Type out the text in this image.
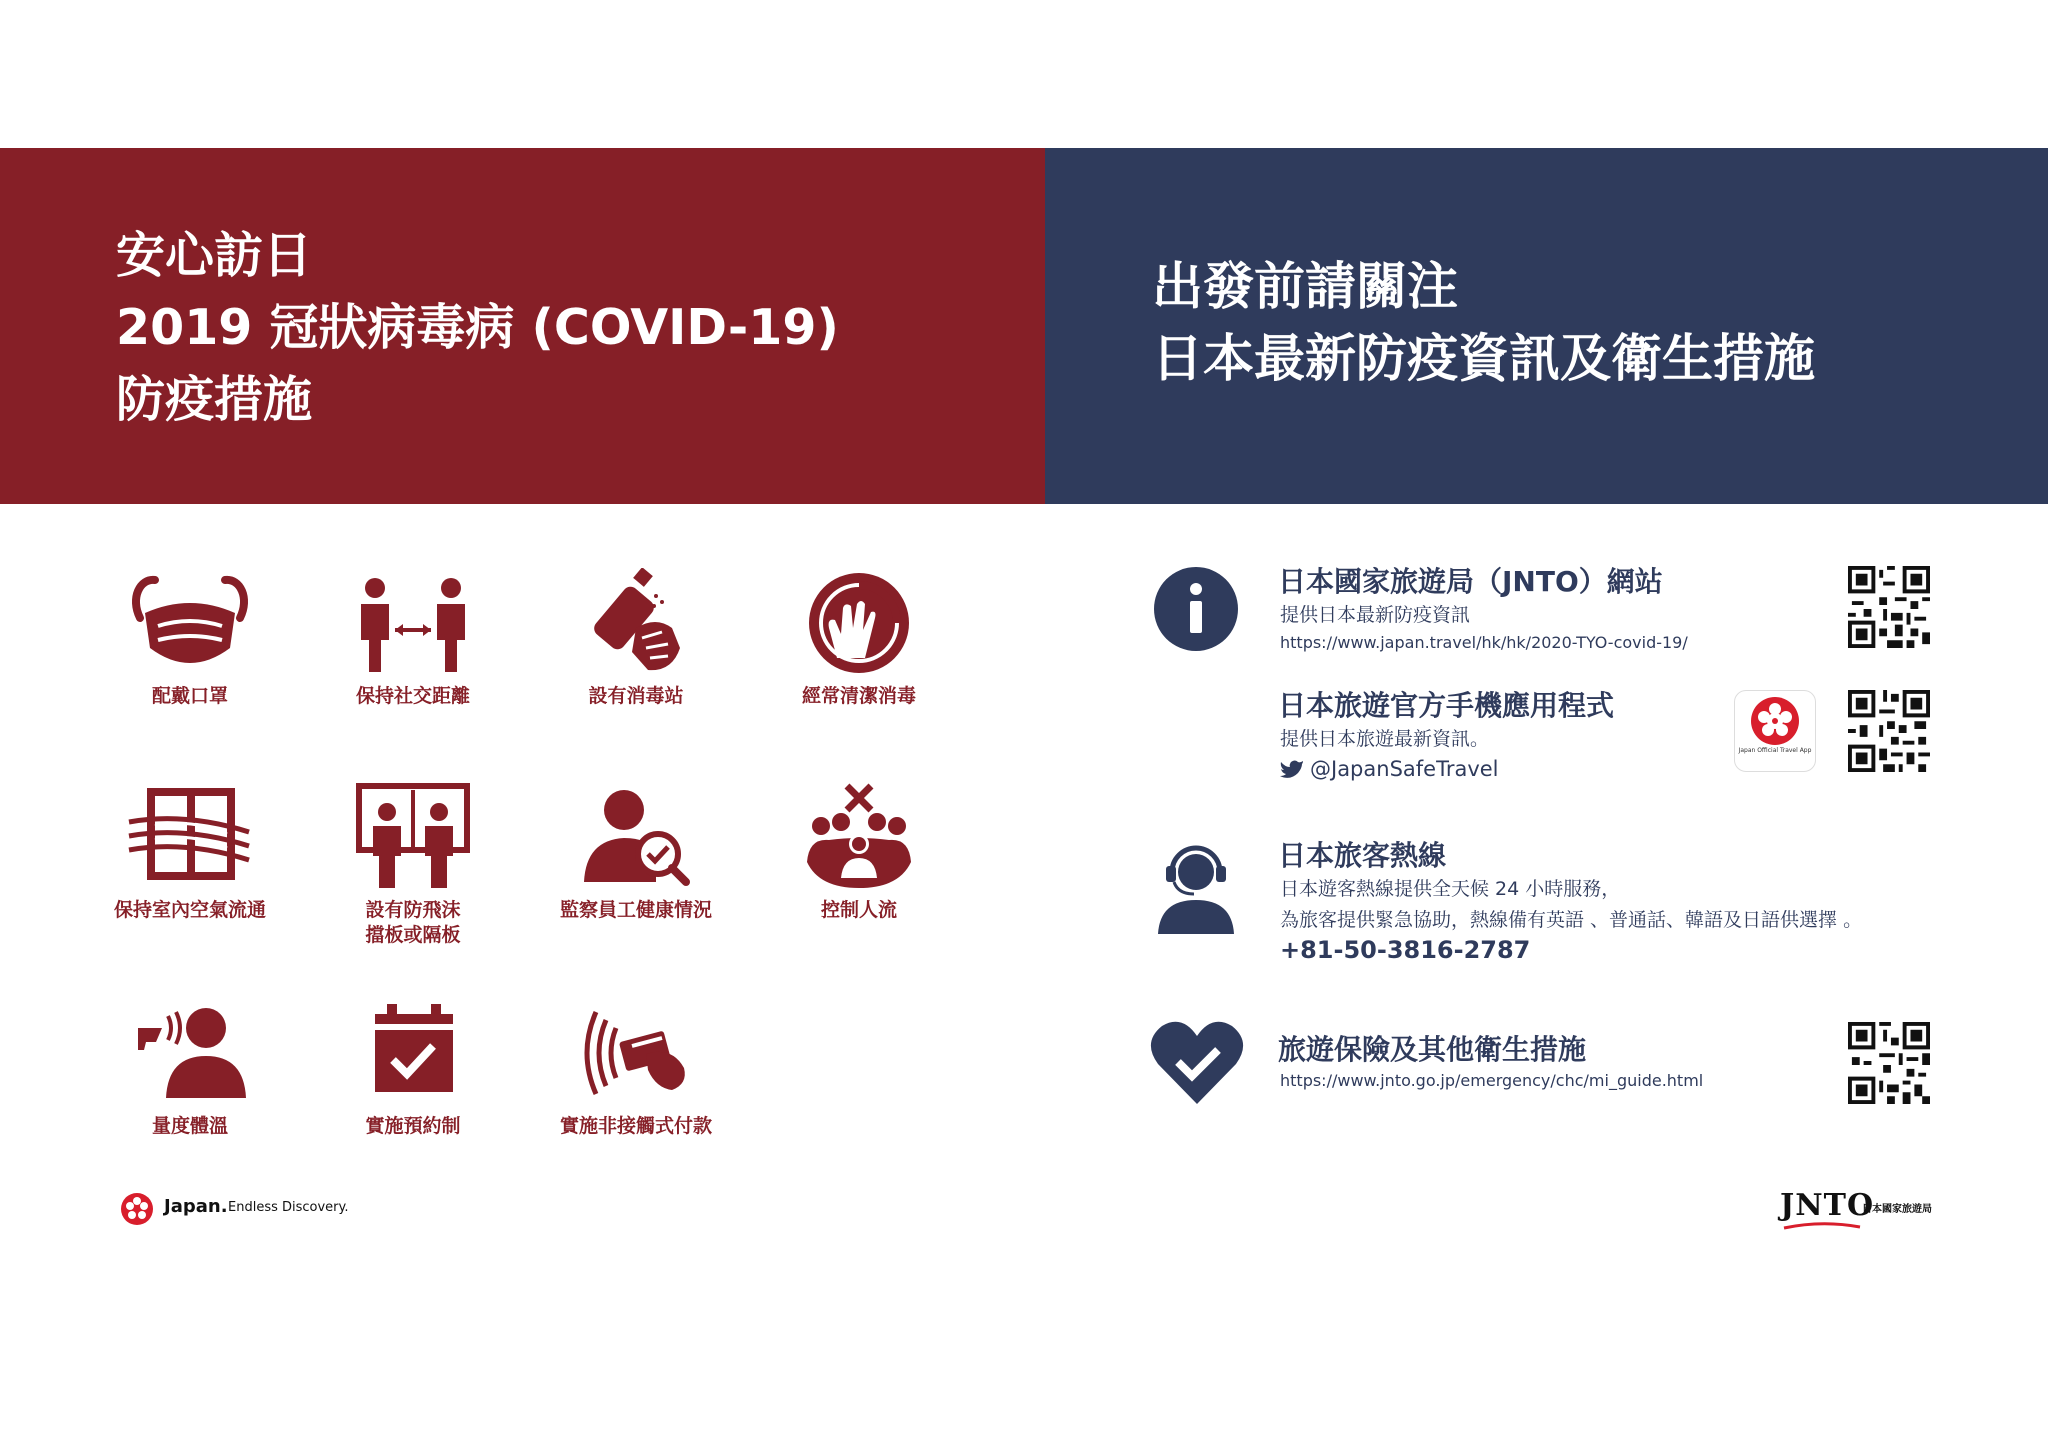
安心訪日
2019 冠狀病毒病 (COVID-19)
防疫措施
出發前請關注
日本最新防疫資訊及衛生措施
配戴口罩	保持社交距離	設有消毒站	經常清潔消毒
保持室內空氣流通	設有防飛沫
擋板或隔板
監察員工健康情況	控制人流
量度體溫	實施預約制	實施非接觸式付款
日本國家旅遊局（JNTO）網站
提供日本最新防疫資訊
https://www.japan.travel/hk/hk/2020-TYO-covid-19/
日本旅遊官方手機應用程式
提供日本旅遊最新資訊。
@JapanSafeTravel
Japan Official Travel App
日本旅客熱線
日本遊客熱線提供全天候 24 小時服務，
為旅客提供緊急協助，熱線備有英語 、普通話、韓語及日語供選擇 。
+81-50-3816-2787
旅遊保險及其他衛生措施
https://www.jnto.go.jp/emergency/chc/mi_guide.html
Japan. Endless Discovery.	JNTO
日本國家旅遊局
